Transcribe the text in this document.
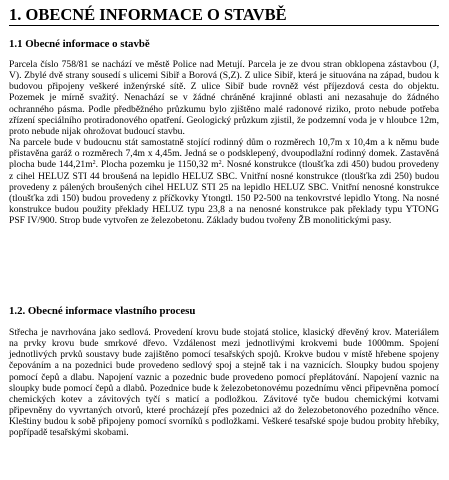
1. OBECNÉ INFORMACE O STAVBĚ
1.1 Obecné informace o stavbě

Parcela číslo 758/81 se nachází ve městě Police nad Metují. Parcela je ze dvou stran obklopena zástavbou (J, V). Zbylé dvě strany sousedí s ulicemi Sibiř a Borová (S,Z). Z ulice Sibiř, která je situována na západ, budou k budovou připojeny veškeré inženýrské sítě. Z ulice Sibiř bude rovněž vést příjezdová cesta do objektu. Pozemek je mírně svažitý. Nenachází se v žádné chráněné krajinné oblasti ani nezasahuje do žádného ochranného pásma. Podle předběžného průzkumu bylo zjištěno malé radonové riziko, proto nebude potřeba zřízení speciálního protiradonového opatření. Geologický průzkum zjistil, že podzemní voda je v hloubce 12m, proto nebude nijak ohrožovat budoucí stavbu.
Na parcele bude v budoucnu stát samostatně stojící rodinný dům o rozměrech 10,7m x 10,4m a k němu bude přistavěna garáž o rozměrech 7,4m x 4,45m. Jedná se o podsklepený, dvoupodlažní rodinný domek. Zastavěná plocha bude $144,21m^2$. Plocha pozemku je 1150,32 $m^2$. Nosné konstrukce (tloušťka zdi 450) budou provedeny z cihel HELUZ STI 44 broušená na lepidlo HELUZ SBC. Vnitřní nosné konstrukce (tloušťka zdi 250) budou provedeny z pálených broušených cihel HELUZ STI 25 na lepidlo HELUZ SBC. Vnitřní nenosné konstrukce (tloušťka zdi 150) budou provedeny z příčkovky Ytongtl. 150 P2-500 na tenkovrstvé lepidlo Ytong. Na nosné konstrukce budou použity překlady HELUZ typu 23,8 a na nenosné konstrukce pak překlady typu YTONG PSF IV/900. Strop bude vytvořen ze železobetonu. Základy budou tvořeny ŽB monolitickými pasy.

1.2. Obecné informace vlastního procesu

Střecha je navrhována jako sedlová. Provedení krovu bude stojatá stolice, klasický dřevěný krov. Materiálem na prvky krovu bude smrkové dřevo. Vzdálenost mezi jednotlivými krokvemi bude 1000mm. Spojení jednotlivých prvků soustavy bude zajištěno pomocí tesařských spojů. Krokve budou v místě hřebene spojeny čepováním a na pozednici bude provedeno sedlový spoj a stejně tak i na vaznicích. Sloupky budou spojeny pomocí čepů a dlabu. Napojení vaznic a pozednic bude provedeno pomocí přeplátování. Napojení vaznic na sloupky bude pomocí čepů a dlabů. Pozednice bude k železobetonovému pozednímu věnci připevněna pomocí chemických kotev a závitových tyčí s maticí a podložkou. Závitové tyče budou chemickými kotvami připevněny do vyvrtaných otvorů, které procházejí přes pozednici až do železobetonového pozedního věnce. Kleštiny budou k sobě připojeny pomocí svorníků s podložkami. Veškeré tesařské spoje budou probity hřebíky, popřípadě tesařskými skobami.
